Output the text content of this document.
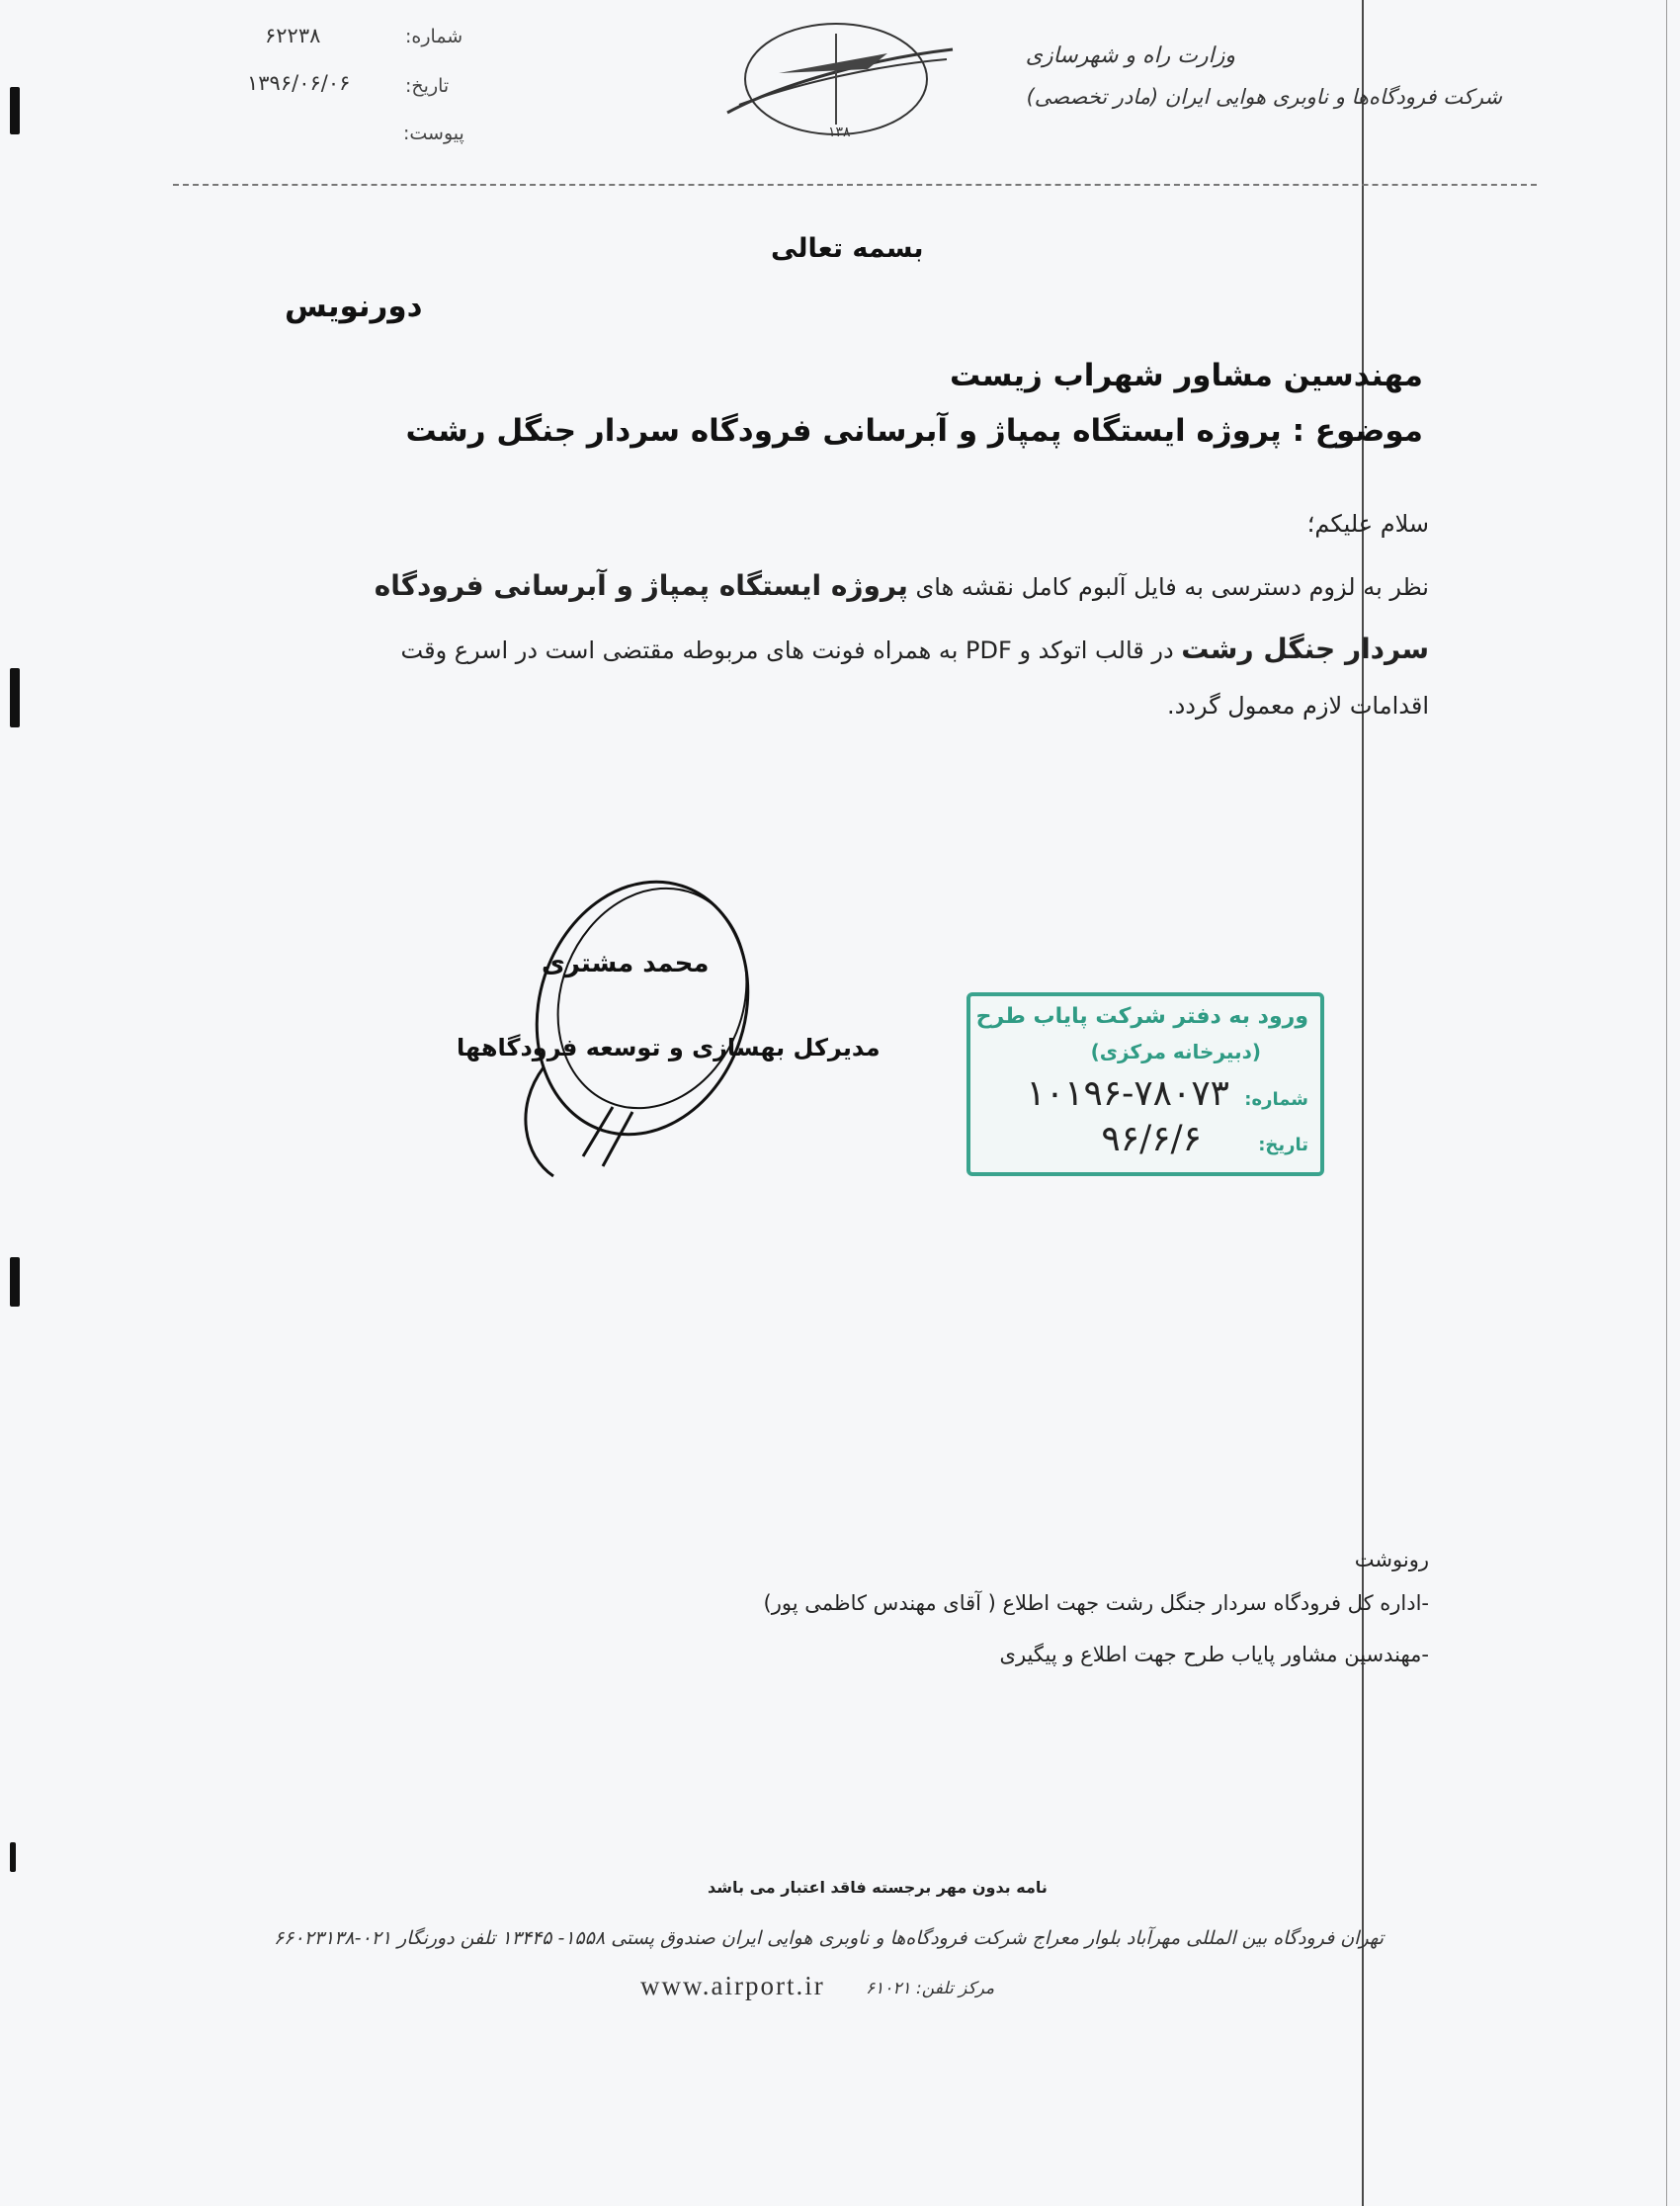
۶۲۲۳۸
۱۳۹۶/۰۶/۰۶
شماره:
تاریخ:
پیوست:	۱۳۸
وزارت راه و شهرسازی
شرکت فرودگاه‌ها و ناوبری هوایی ایران (مادر تخصصی)
بسمه تعالی
دورنویس
مهندسین مشاور شهراب زیست
موضوع : پروژه ایستگاه پمپاژ و آبرسانی فرودگاه سردار جنگل رشت
سلام علیکم؛
نظر به لزوم دسترسی به فایل آلبوم کامل نقشه های پروژه ایستگاه پمپاژ و آبرسانی فرودگاه
سردار جنگل رشت در قالب اتوکد و PDF به همراه فونت های مربوطه مقتضی است در اسرع وقت
اقدامات لازم معمول گردد.
محمد مشتری
مدیرکل بهسازی و توسعه فرودگاهها
ورود به دفتر شرکت پایاب طرح
(دبیرخانه مرکزی)
شماره:
۱۰۱۹۶-۷۸۰۷۳
تاریخ:
۹۶/۶/۶
رونوشت
-اداره کل فرودگاه سردار جنگل رشت جهت اطلاع ( آقای مهندس کاظمی پور)
-مهندسین مشاور پایاب طرح جهت اطلاع و پیگیری
نامه بدون مهر برجسته فاقد اعتبار می باشد
تهران فرودگاه بین المللی مهرآباد بلوار معراج شرکت فرودگاه‌ها و ناوبری هوایی ایران صندوق پستی ۱۵۵۸- ۱۳۴۴۵ تلفن دورنگار ۰۲۱-۶۶۰۲۳۱۳۸
مرکز تلفن: ۶۱۰۲۱
www.airport.ir
